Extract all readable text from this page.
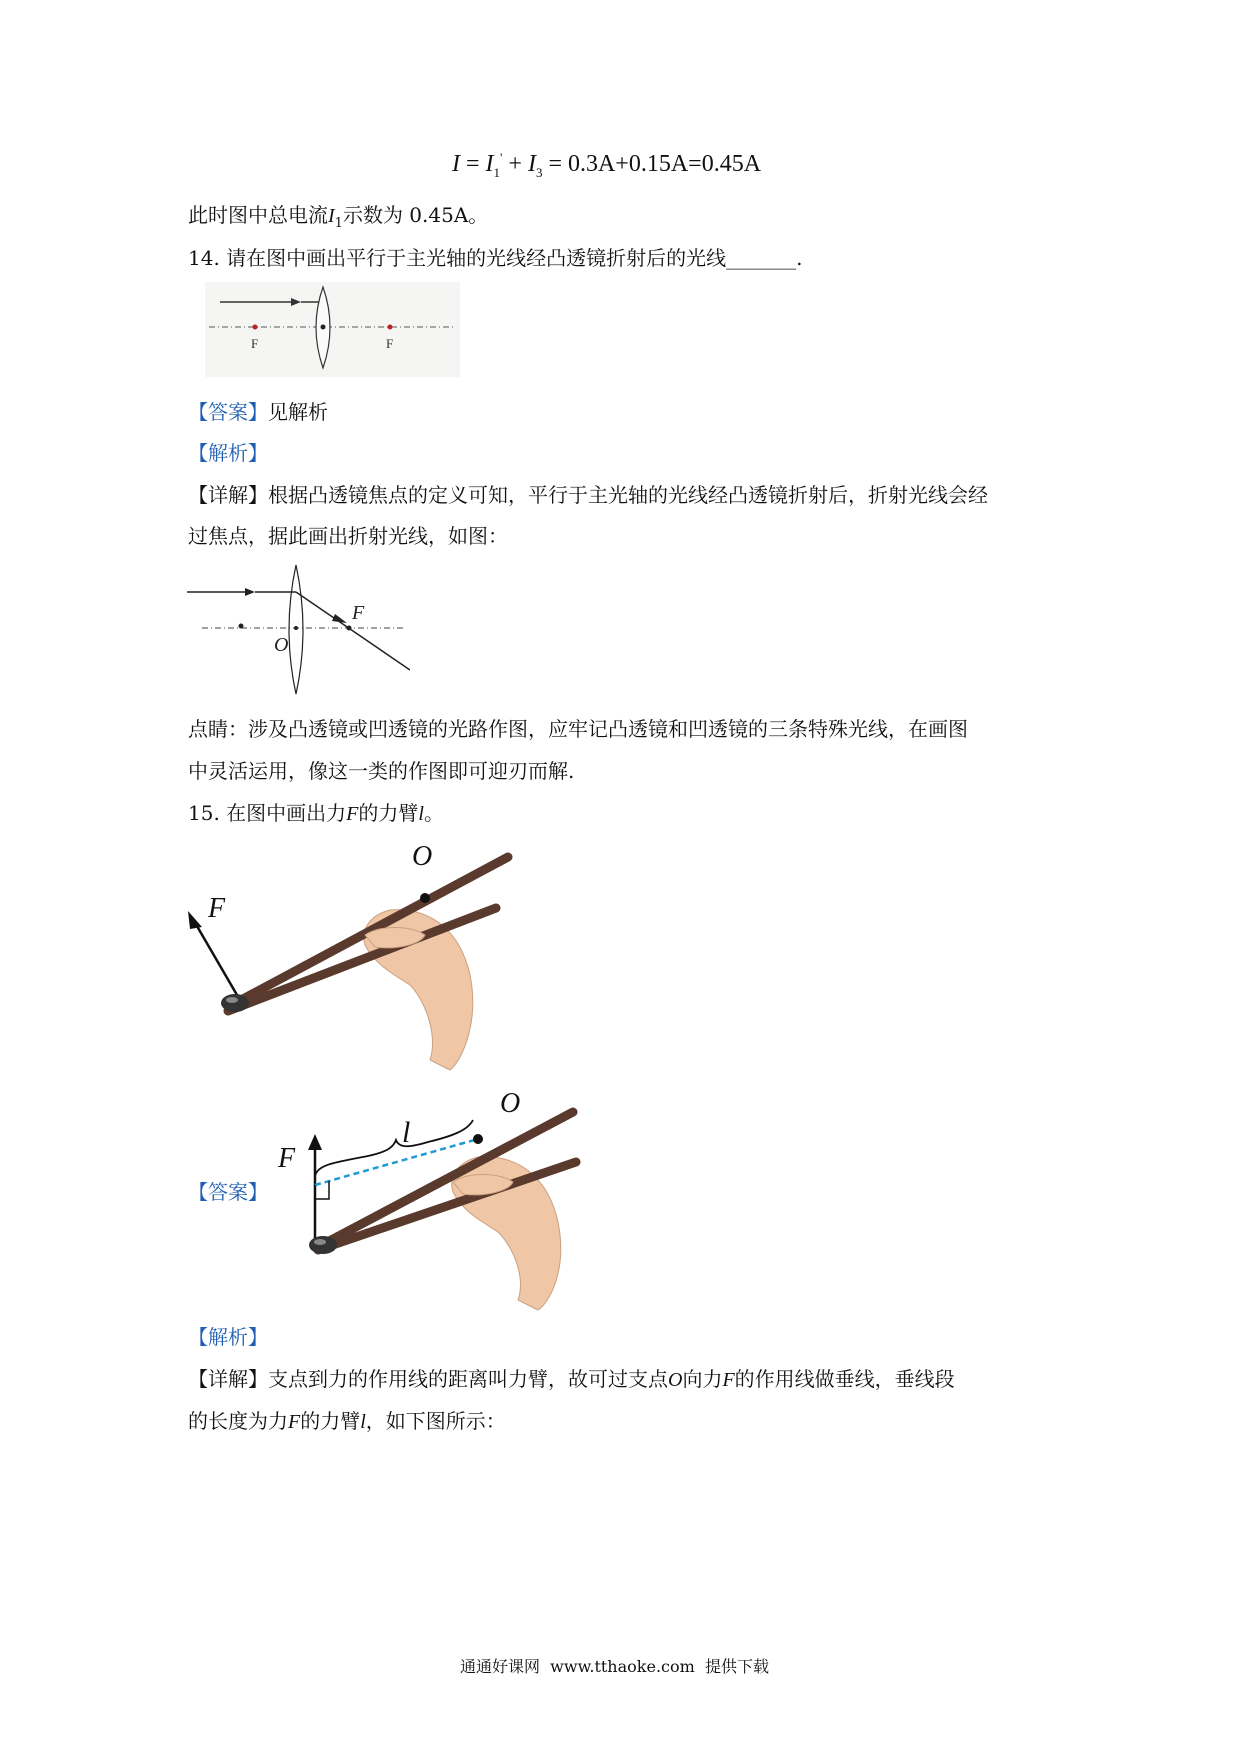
$I = I_1' + I_3 = 0.3A+0.15A=0.45A$
此时图中总电流$I_1$示数为 0.45A。
14. 请在图中画出平行于主光轴的光线经凸透镜折射后的光线_______.
F	F
【答案】见解析
【解析】
【详解】根据凸透镜焦点的定义可知，平行于主光轴的光线经凸透镜折射后，折射光线会经
过焦点，据此画出折射光线，如图：
F
O
点睛：涉及凸透镜或凹透镜的光路作图，应牢记凸透镜和凹透镜的三条特殊光线，在画图
中灵活运用，像这一类的作图即可迎刃而解.
15. 在图中画出力F的力臂l。
O
F
【答案】
O
F
l
【解析】
【详解】支点到力的作用线的距离叫力臂，故可过支点O向力F的作用线做垂线，垂线段
的长度为力F的力臂l，如下图所示：
通通好课网  www.tthaoke.com  提供下载
